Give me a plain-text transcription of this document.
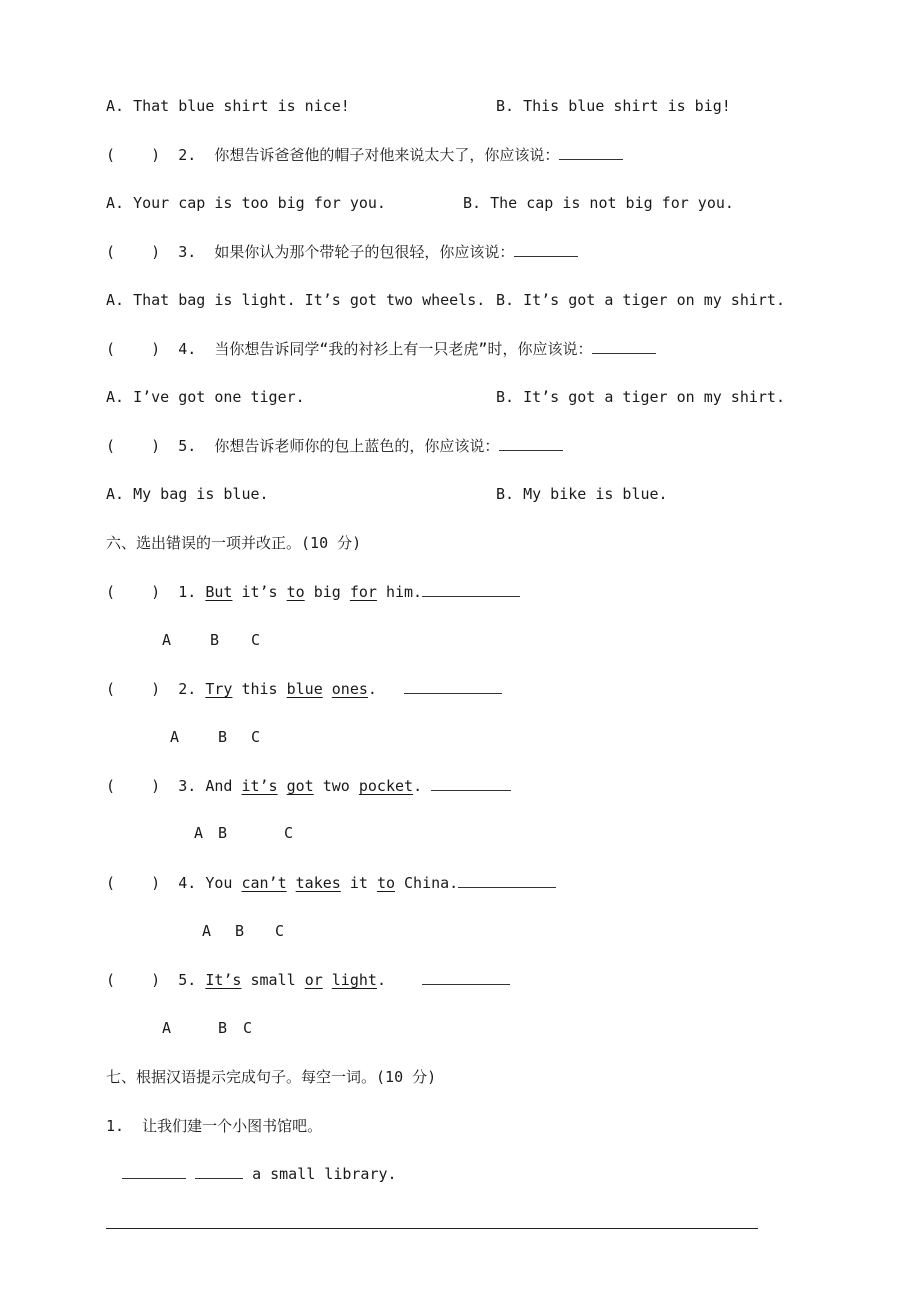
A. That blue shirt is nice!	B. This blue shirt is big!
(    ) 2. 你想告诉爸爸他的帽子对他来说太大了，你应该说：
A. Your cap is too big for you.	B. The cap is not big for you.
(    ) 3. 如果你认为那个带轮子的包很轻，你应该说：
A. That bag is light. It’s got two wheels. B. It’s got a tiger on my shirt.
(    ) 4. 当你想告诉同学“我的衬衫上有一只老虎”时，你应该说：
A. I’ve got one tiger.	B. It’s got a tiger on my shirt.
(    ) 5. 你想告诉老师你的包上蓝色的，你应该说：
A. My bag is blue.	B. My bike is blue.
六、选出错误的一项并改正。(10 分)
(    ) 1. But it’s to big for him.
A	B C
(    ) 2. Try this blue ones.
A	B C
(    ) 3. And it’s got two pocket.
A B	C
(    ) 4. You can’t takes it to China.
A B C
(    ) 5. It’s small or light.
A	B C
七、根据汉语提示完成句子。每空一词。(10 分)
1. 让我们建一个小图书馆吧。
a small library.
